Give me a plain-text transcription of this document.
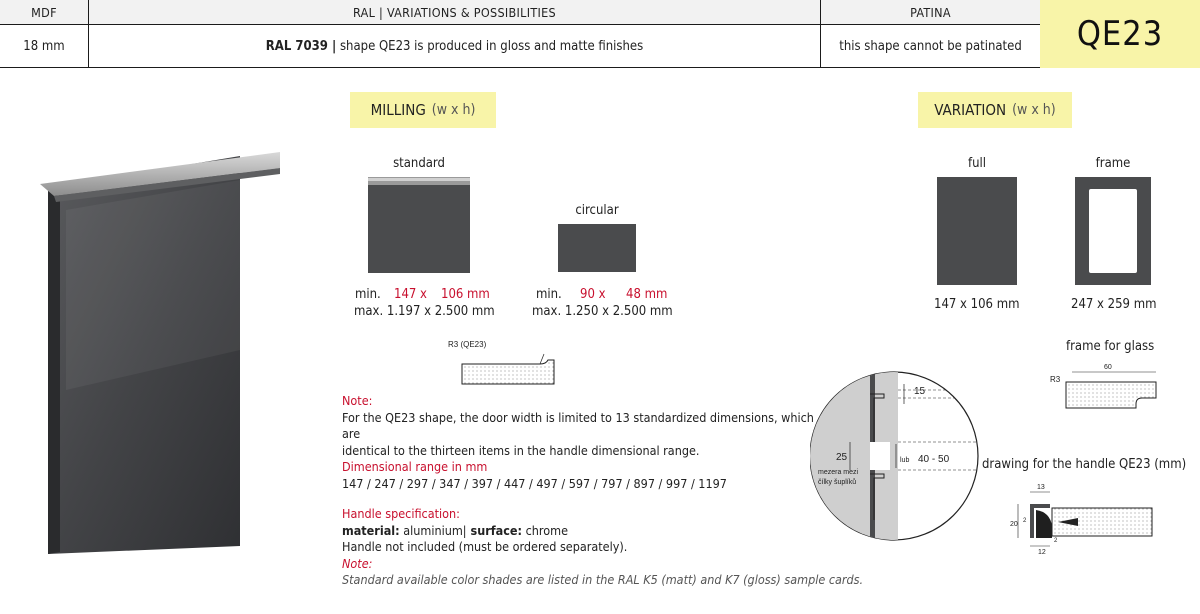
MDF	RAL | VARIATIONS & POSSIBILITIES	PATINA
18 mm	RAL 7039 | shape QE23 is produced in gloss and matte finishes	this shape cannot be patinated	QE23
MILLING (w x h)
standard
circular
min. 147 x 106 mm
max. 1.197 x 2.500 mm
min. 90 x 48 mm
max. 1.250 x 2.500 mm
R3 (QE23)
VARIATION (w x h)
full	frame
147 x 106 mm	247 x 259 mm
frame for glass
R3
60
15
25	lub 40 - 50
mezera mezi
čílky šuplíků
drawing for the handle QE23 (mm)
13
20 2
2
12
Note:
For the QE23 shape, the door width is limited to 13 standardized dimensions, which are
identical to the thirteen items in the handle dimensional range.
Dimensional range in mm
147 / 247 / 297 / 347 / 397 / 447 / 497 / 597 / 797 / 897 / 997 / 1197
Handle specification:
material: aluminium| surface: chrome
Handle not included (must be ordered separately).
Note:
Standard available color shades are listed in the RAL K5 (matt) and K7 (gloss) sample cards.
